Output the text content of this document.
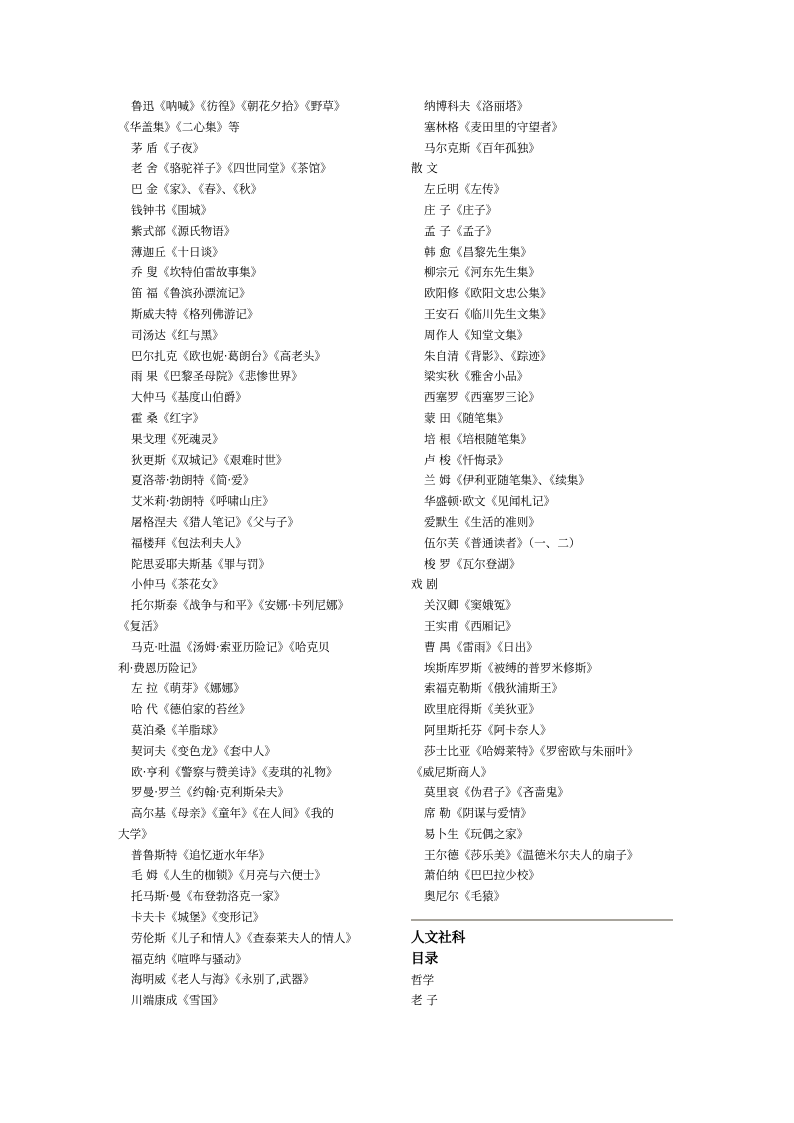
鲁迅《呐喊》《彷徨》《朝花夕拾》《野草》
《华盖集》《二心集》等
茅 盾《子夜》
老 舍《骆驼祥子》《四世同堂》《茶馆》
巴 金《家》、《春》、《秋》
钱钟书《围城》
紫式部《源氏物语》
薄迦丘《十日谈》
乔 叟《坎特伯雷故事集》
笛 福《鲁滨孙漂流记》
斯威夫特《格列佛游记》
司汤达《红与黑》
巴尔扎克《欧也妮·葛朗台》《高老头》
雨 果《巴黎圣母院》《悲惨世界》
大仲马《基度山伯爵》
霍 桑《红字》
果戈理《死魂灵》
狄更斯《双城记》《艰难时世》
夏洛蒂·勃朗特《简·爱》
艾米莉·勃朗特《呼啸山庄》
屠格涅夫《猎人笔记》《父与子》
福楼拜《包法利夫人》
陀思妥耶夫斯基《罪与罚》
小仲马《茶花女》
托尔斯泰《战争与和平》《安娜·卡列尼娜》
《复活》
马克·吐温《汤姆·索亚历险记》《哈克贝
利·费恩历险记》
左 拉《萌芽》《娜娜》
哈 代《德伯家的苔丝》
莫泊桑《羊脂球》
契诃夫《变色龙》《套中人》
欧·亨利《警察与赞美诗》《麦琪的礼物》
罗曼·罗兰《约翰·克利斯朵夫》
高尔基《母亲》《童年》《在人间》《我的
大学》
普鲁斯特《追忆逝水年华》
毛 姆《人生的枷锁》《月亮与六便士》
托马斯·曼《布登勃洛克一家》
卡夫卡《城堡》《变形记》
劳伦斯《儿子和情人》《查泰莱夫人的情人》
福克纳《喧哗与骚动》
海明威《老人与海》《永别了,武器》
川端康成《雪国》
纳博科夫《洛丽塔》
塞林格《麦田里的守望者》
马尔克斯《百年孤独》
散 文
左丘明《左传》
庄 子《庄子》
孟 子《孟子》
韩 愈《昌黎先生集》
柳宗元《河东先生集》
欧阳修《欧阳文忠公集》
王安石《临川先生文集》
周作人《知堂文集》
朱自清《背影》、《踪迹》
梁实秋《雅舍小品》
西塞罗《西塞罗三论》
蒙 田《随笔集》
培 根《培根随笔集》
卢 梭《忏悔录》
兰 姆《伊利亚随笔集》、《续集》
华盛顿·欧文《见闻札记》
爱默生《生活的准则》
伍尔芙《普通读者》（一、二）
梭 罗《瓦尔登湖》
戏 剧
关汉卿《窦娥冤》
王实甫《西厢记》
曹 禺《雷雨》《日出》
埃斯库罗斯《被缚的普罗米修斯》
索福克勒斯《俄狄浦斯王》
欧里庇得斯《美狄亚》
阿里斯托芬《阿卡奈人》
莎士比亚《哈姆莱特》《罗密欧与朱丽叶》
《威尼斯商人》
莫里哀《伪君子》《吝啬鬼》
席 勒《阴谋与爱情》
易卜生《玩偶之家》
王尔德《莎乐美》《温德米尔夫人的扇子》
萧伯纳《巴巴拉少校》
奥尼尔《毛猿》
人文社科
目录
哲学
老 子
